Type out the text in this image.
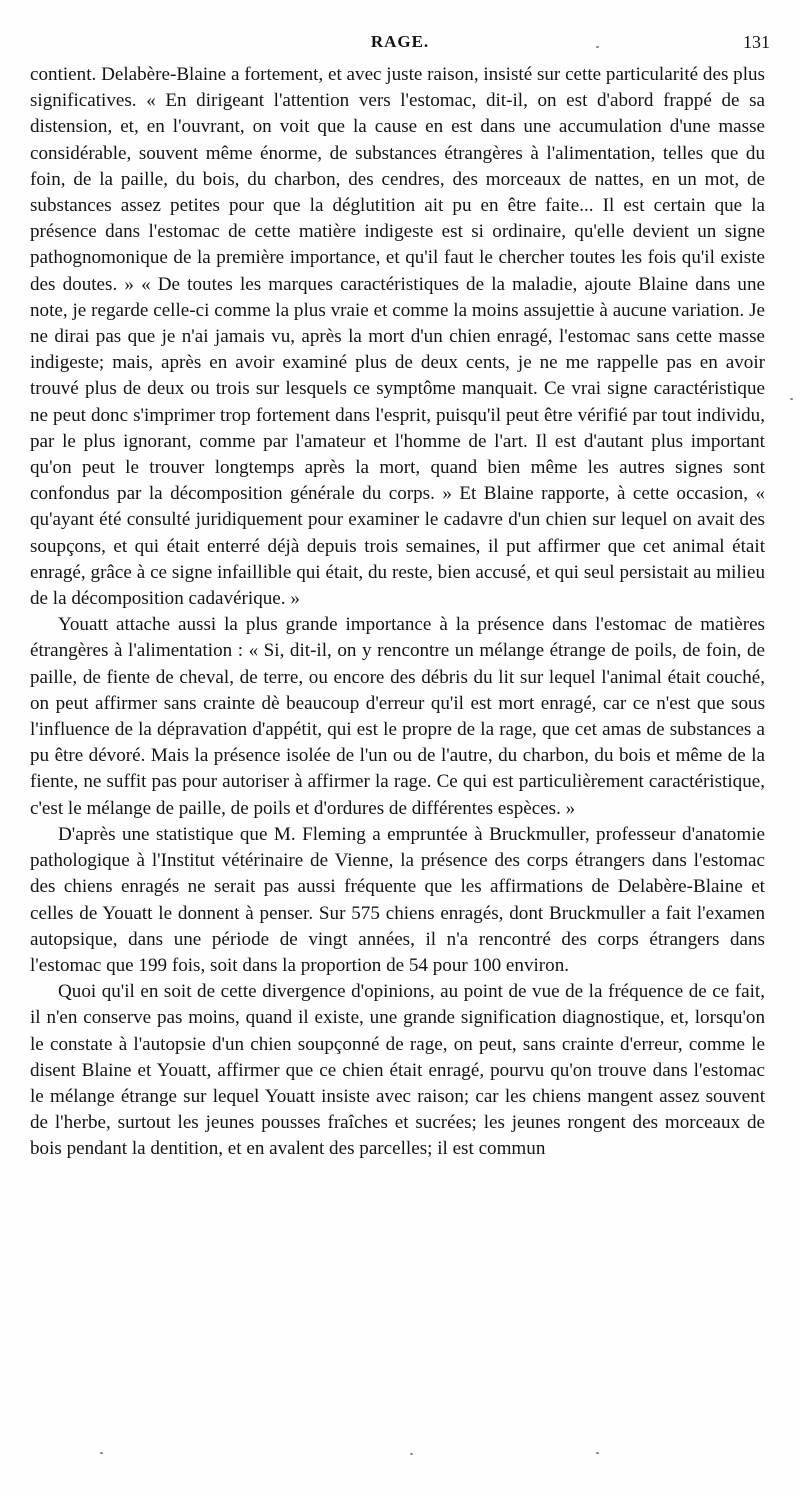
RAGE.	131

contient. Delabère-Blaine a fortement, et avec juste raison, insisté sur cette particularité des plus significatives. « En dirigeant l'attention vers l'estomac, dit-il, on est d'abord frappé de sa distension, et, en l'ouvrant, on voit que la cause en est dans une accumulation d'une masse considérable, souvent même énorme, de substances étrangères à l'alimentation, telles que du foin, de la paille, du bois, du charbon, des cendres, des morceaux de nattes, en un mot, de substances assez petites pour que la déglutition ait pu en être faite... Il est certain que la présence dans l'estomac de cette matière indigeste est si ordinaire, qu'elle devient un signe pathognomonique de la première importance, et qu'il faut le chercher toutes les fois qu'il existe des doutes. » « De toutes les marques caractéristiques de la maladie, ajoute Blaine dans une note, je regarde celle-ci comme la plus vraie et comme la moins assujettie à aucune variation. Je ne dirai pas que je n'ai jamais vu, après la mort d'un chien enragé, l'estomac sans cette masse indigeste; mais, après en avoir examiné plus de deux cents, je ne me rappelle pas en avoir trouvé plus de deux ou trois sur lesquels ce symptôme manquait. Ce vrai signe caractéristique ne peut donc s'imprimer trop fortement dans l'esprit, puisqu'il peut être vérifié par tout individu, par le plus ignorant, comme par l'amateur et l'homme de l'art. Il est d'autant plus important qu'on peut le trouver longtemps après la mort, quand bien même les autres signes sont confondus par la décomposition générale du corps. » Et Blaine rapporte, à cette occasion, « qu'ayant été consulté juridiquement pour examiner le cadavre d'un chien sur lequel on avait des soupçons, et qui était enterré déjà depuis trois semaines, il put affirmer que cet animal était enragé, grâce à ce signe infaillible qui était, du reste, bien accusé, et qui seul persistait au milieu de la décomposition cadavérique. »

Youatt attache aussi la plus grande importance à la présence dans l'estomac de matières étrangères à l'alimentation : « Si, dit-il, on y rencontre un mélange étrange de poils, de foin, de paille, de fiente de cheval, de terre, ou encore des débris du lit sur lequel l'animal était couché, on peut affirmer sans crainte dè beaucoup d'erreur qu'il est mort enragé, car ce n'est que sous l'influence de la dépravation d'appétit, qui est le propre de la rage, que cet amas de substances a pu être dévoré. Mais la présence isolée de l'un ou de l'autre, du charbon, du bois et même de la fiente, ne suffit pas pour autoriser à affirmer la rage. Ce qui est particulièrement caractéristique, c'est le mélange de paille, de poils et d'ordures de différentes espèces. »

D'après une statistique que M. Fleming a empruntée à Bruckmuller, professeur d'anatomie pathologique à l'Institut vétérinaire de Vienne, la présence des corps étrangers dans l'estomac des chiens enragés ne serait pas aussi fréquente que les affirmations de Delabère-Blaine et celles de Youatt le donnent à penser. Sur 575 chiens enragés, dont Bruckmuller a fait l'examen autopsique, dans une période de vingt années, il n'a rencontré des corps étrangers dans l'estomac que 199 fois, soit dans la proportion de 54 pour 100 environ.

Quoi qu'il en soit de cette divergence d'opinions, au point de vue de la fréquence de ce fait, il n'en conserve pas moins, quand il existe, une grande signification diagnostique, et, lorsqu'on le constate à l'autopsie d'un chien soupçonné de rage, on peut, sans crainte d'erreur, comme le disent Blaine et Youatt, affirmer que ce chien était enragé, pourvu qu'on trouve dans l'estomac le mélange étrange sur lequel Youatt insiste avec raison; car les chiens mangent assez souvent de l'herbe, surtout les jeunes pousses fraîches et sucrées; les jeunes rongent des morceaux de bois pendant la dentition, et en avalent des parcelles; il est commun
